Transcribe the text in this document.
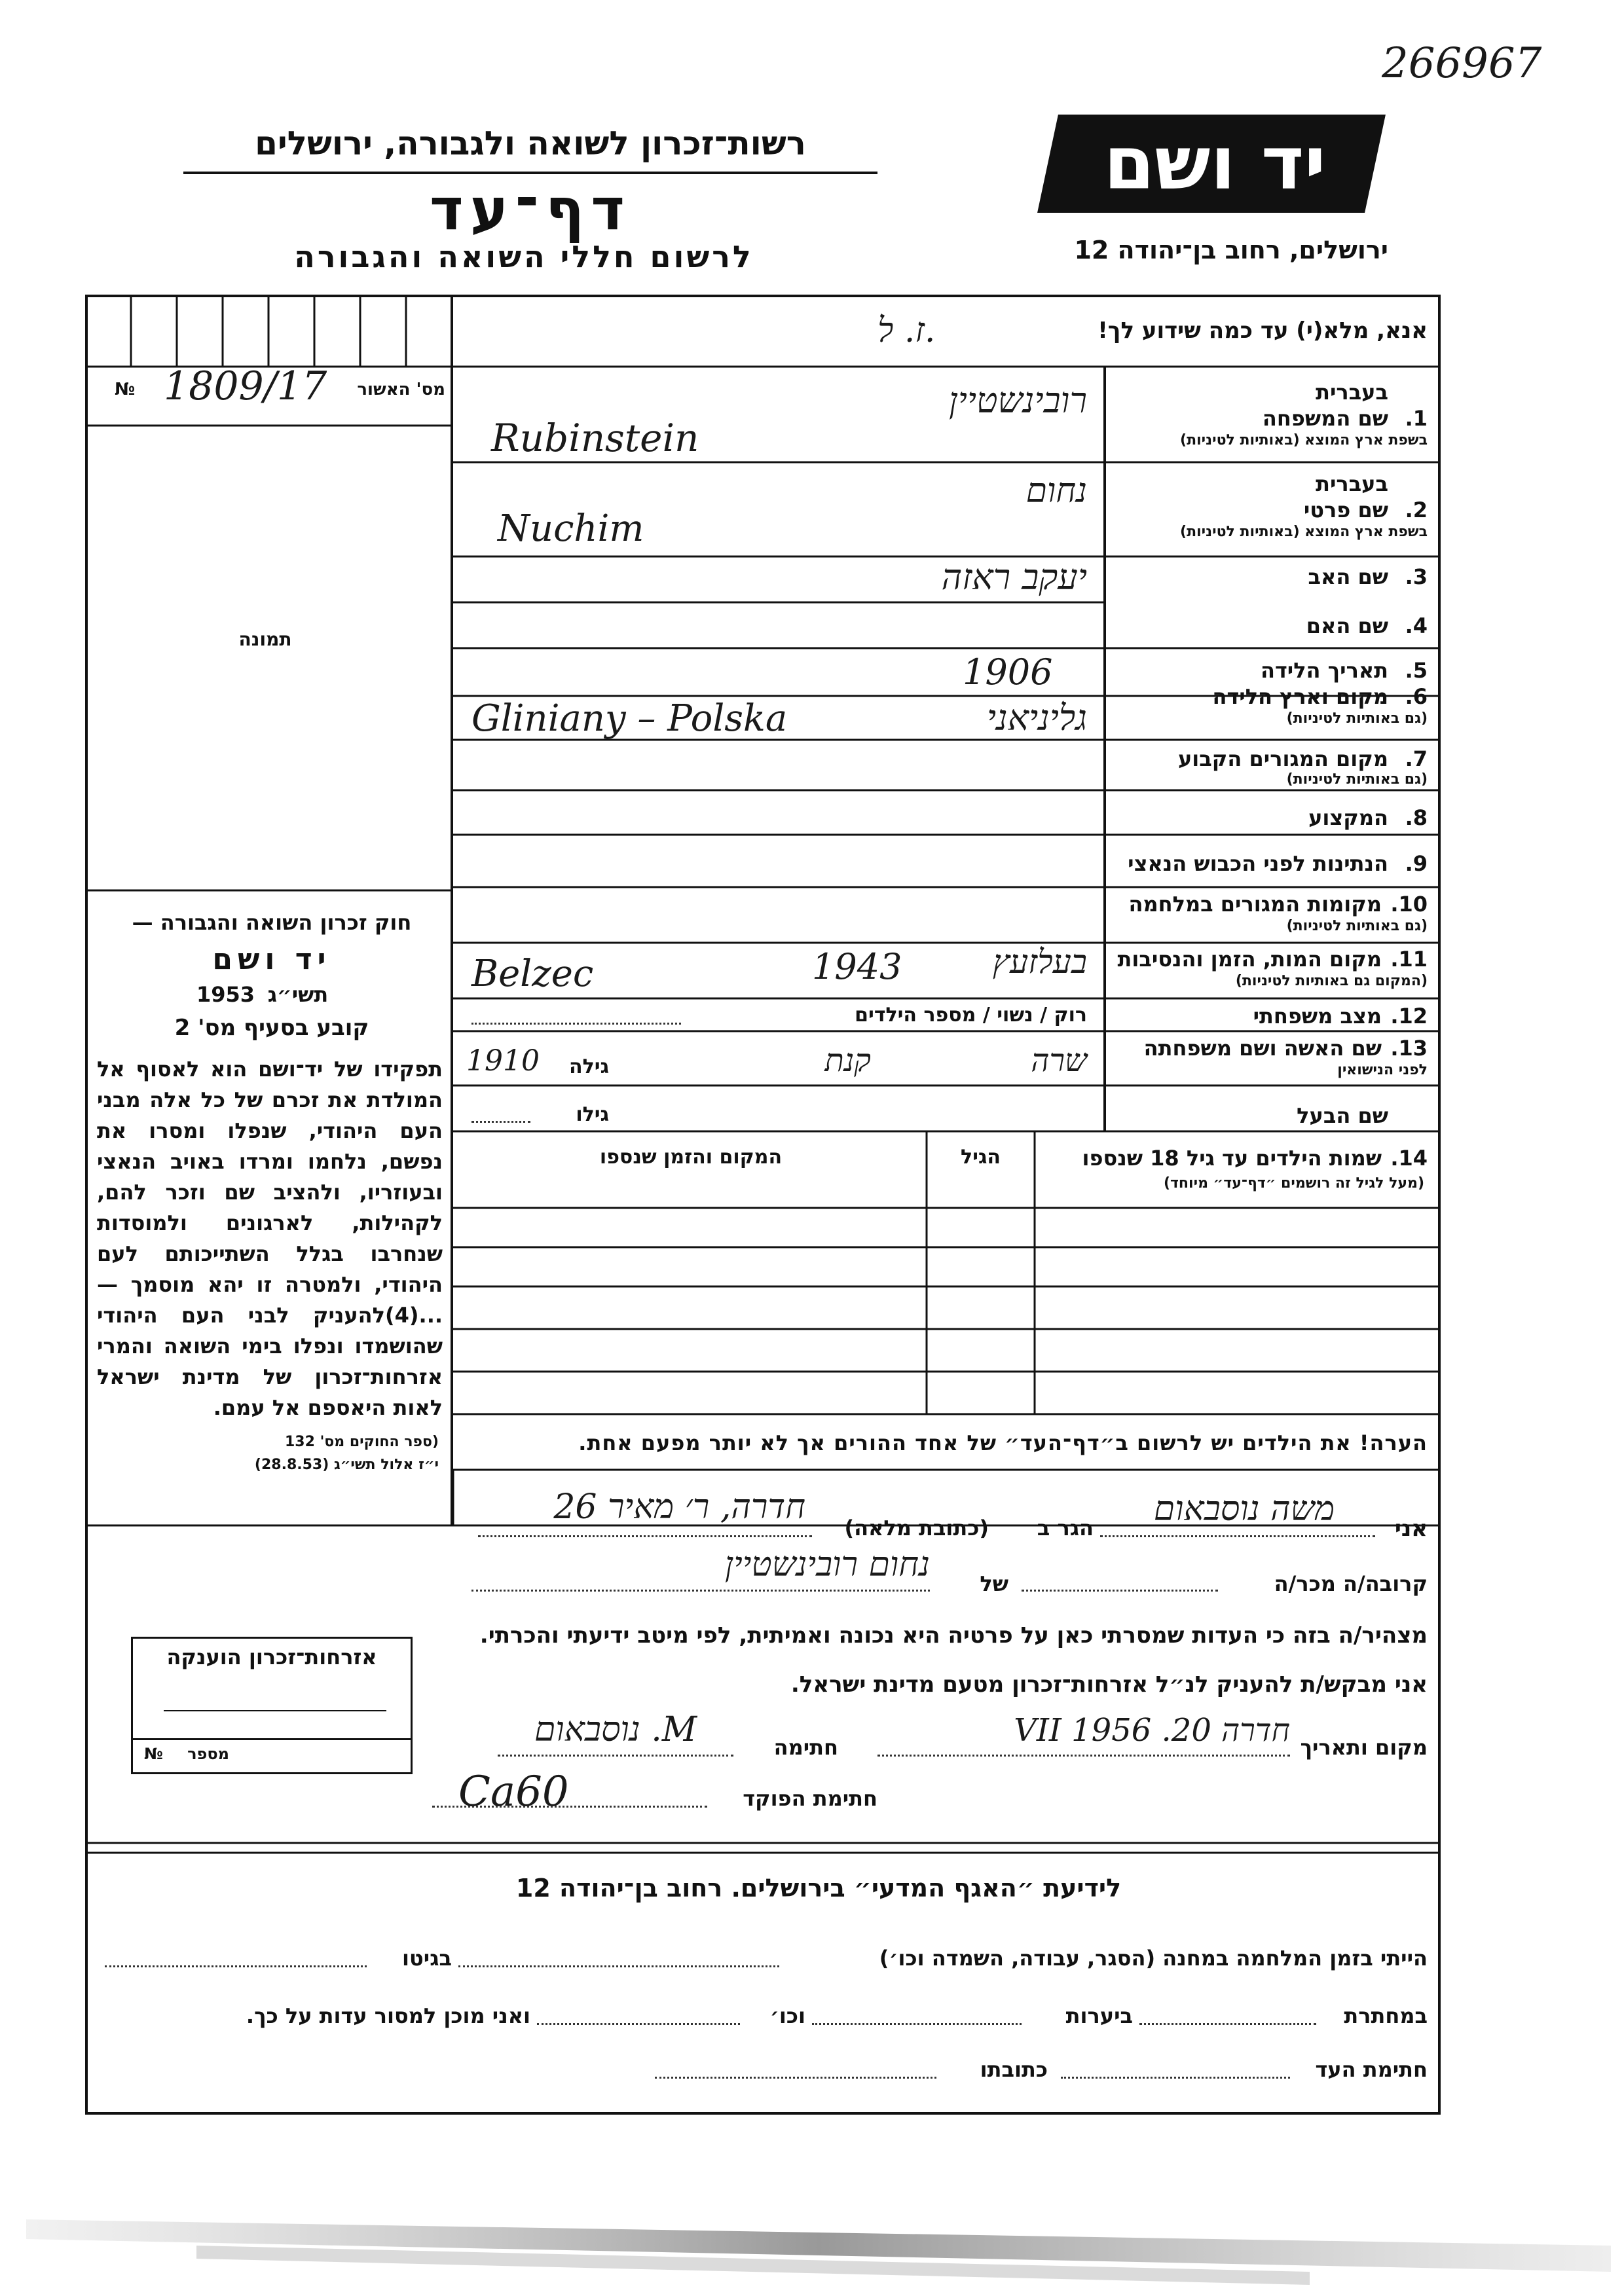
266967
יד ושם
ירושלים, רחוב בן־יהודה 12
רשות־זכרון לשואה ולגבורה, ירושלים
דף־עד
לרשום חללי השואה והגבורה
אנא, מלא(י) עד כמה שידוע לך!
ז. ל.
מס' האשור
№ 1809/17
תמונה
חוק זכרון השואה והגבורה —
יד ושם
תשי״ג
1953
קובע בסעיף מס' 2
תפקידו של יד־ושם הוא לאסוף אל המולדת את זכרם של כל אלה מבני העם היהודי, שנפלו ומסרו את נפשם, נלחמו ומרדו באויב הנאצי ובעוזריו, ולהציב שם וזכר להם, לקהילות, לארגונים ולמוסדות שנחרבו בגלל השתייכותם לעם היהודי, ולמטרה זו יהא מוסמך — ...(4)להעניק לבני העם היהודי שהושמדו ונפלו בימי השואה והמרי אזרחות־זכרון של מדינת ישראל לאות היאספם אל עמם.
(ספר החוקים מס' 132
י״ז אלול תשי״ג (28.8.53)
1.
בעברית
שם המשפחה
בשפת ארץ המוצא (באותיות לטיניות)
רובינשטיין
Rubinstein
2.
בעברית
שם פרטי
בשפת ארץ המוצא (באותיות לטיניות)
נחום
Nuchim
3.
שם האב
יעקב ראזה
4.
שם האם
5.
תאריך הלידה
1906
6.
מקום וארץ הלידה
(גם באותיות לטיניות)
גליניאני
Gliniany – Polska
7.
מקום המגורים הקבוע
(גם באותיות לטיניות)
8.
המקצוע
9.
הנתינות לפני הכבוש הנאצי
10.
מקומות המגורים במלחמה
(גם באותיות לטיניות)
11.
מקום המות, הזמן והנסיבות
(המקום גם באותיות לטיניות)
Belzec	1943	בעלזעץ
12.
מצב משפחתי
רוק / נשוי / מספר הילדים
13.
שם האשה ושם משפחתה
לפני הנישואין
שרה
קנת
גילה
1910
שם הבעל
גילו
14.
שמות הילדים עד גיל 18 שנספו
(מעל לגיל זה רושמים ״דף־עד״ מיוחד)
הגיל
המקום והזמן שנספו
הערה! את הילדים יש לרשום ב״דף־העד״ של אחד ההורים אך לא יותר מפעם אחת.
אני
משה נוסבאום
הגר ב
(כתובת מלאה)
חדרה, ר׳ מאיר 26
קרובה/ה מכר/ה
של
נחום רובינשטיין
מצהיר/ה בזה כי העדות שמסרתי כאן על פרטיה היא נכונה ואמיתית, לפי מיטב ידיעתי והכרתי.
אני מבקש/ת להעניק לנ״ל אזרחות־זכרון מטעם מדינת ישראל.
מקום ותאריך
חדרה 20. VII 1956
חתימה
M. נוסבאום
חתימת הפוקד
Ca60
אזרחות־זכרון הוענקה
№	מספר
לידיעת ״האגף המדעי״ בירושלים. רחוב בן־יהודה 12
הייתי בזמן המלחמה במחנה (הסגר, עבודה, השמדה וכו׳)
בגיטו
במחתרת
ביערות
וכו׳
ואני מוכן למסור עדות על כך.
חתימת העד
כתובתו
